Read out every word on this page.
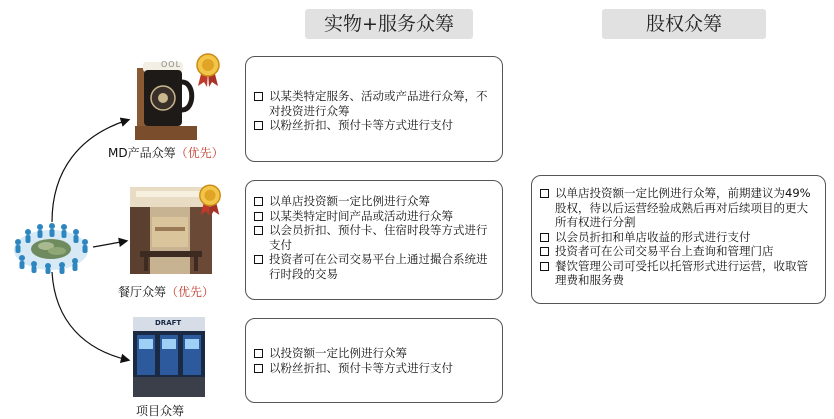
实物+服务众筹	股权众筹
OOL
DRAFT
MD产品众筹（优先）
餐厅众筹（优先）
项目众筹
以某类特定服务、活动或产品进行众筹，不对投资进行众筹
以粉丝折扣、预付卡等方式进行支付
以单店投资额一定比例进行众筹
以某类特定时间产品或活动进行众筹
以会员折扣、预付卡、住宿时段等方式进行支付
投资者可在公司交易平台上通过撮合系统进行时段的交易
以投资额一定比例进行众筹
以粉丝折扣、预付卡等方式进行支付
以单店投资额一定比例进行众筹，前期建议为49%股权，待以后运营经验成熟后再对后续项目的更大所有权进行分割
以会员折扣和单店收益的形式进行支付
投资者可在公司交易平台上查询和管理门店
餐饮管理公司可受托以托管形式进行运营，收取管理费和服务费
